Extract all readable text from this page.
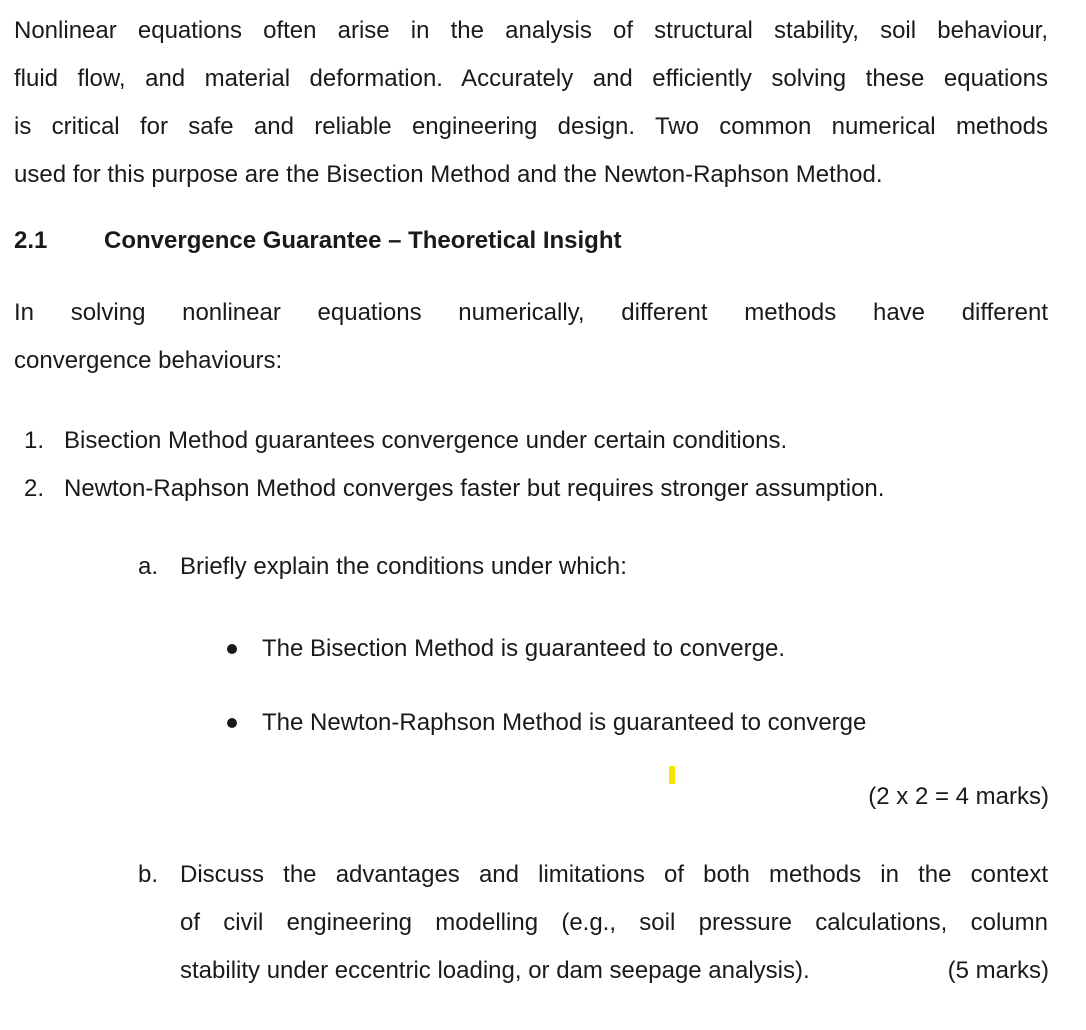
Nonlinear equations often arise in the analysis of structural stability, soil behaviour,
fluid flow, and material deformation. Accurately and efficiently solving these equations
is critical for safe and reliable engineering design. Two common numerical methods
used for this purpose are the Bisection Method and the Newton-Raphson Method.
2.1 Convergence Guarantee – Theoretical Insight
In solving nonlinear equations numerically, different methods have different
convergence behaviours:
1. Bisection Method guarantees convergence under certain conditions.
2. Newton-Raphson Method converges faster but requires stronger assumption.
a. Briefly explain the conditions under which:
The Bisection Method is guaranteed to converge.
The Newton-Raphson Method is guaranteed to converge
(2 x 2 = 4 marks)
b. Discuss the advantages and limitations of both methods in the context
of civil engineering modelling (e.g., soil pressure calculations, column
stability under eccentric loading, or dam seepage analysis).	(5 marks)
